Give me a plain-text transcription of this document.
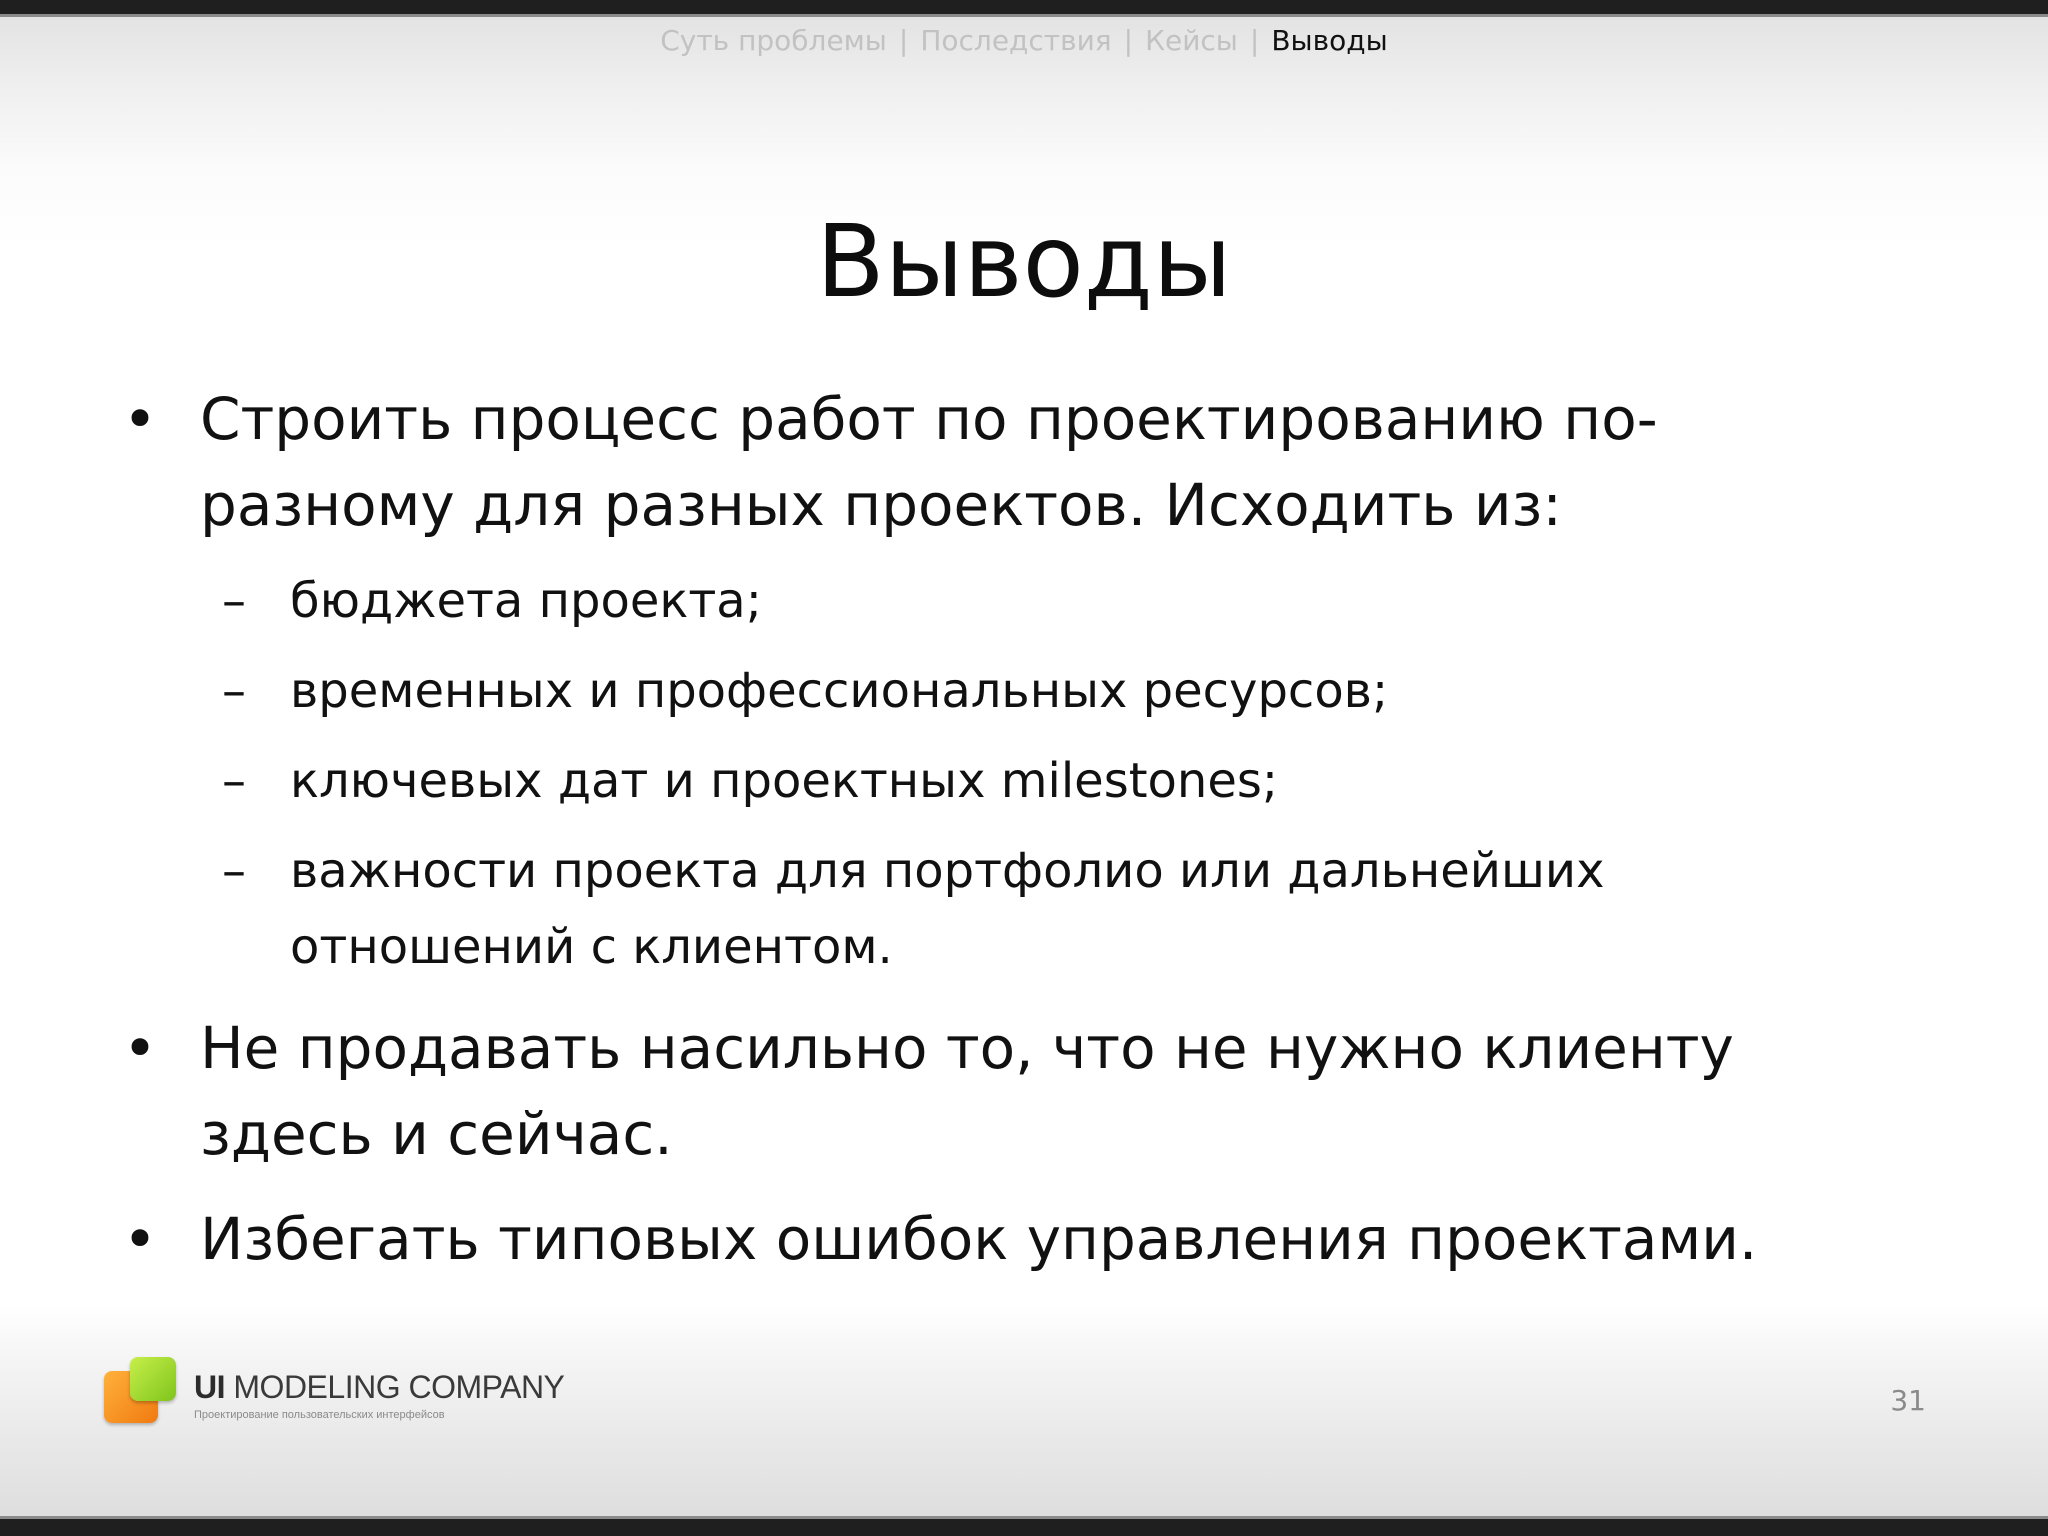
Суть проблемы | Последствия | Кейсы | Выводы
Выводы
• Строить процесс работ по проектированию по-разному для разных проектов. Исходить из:
– бюджета проекта;
– временных и профессиональных ресурсов;
– ключевых дат и проектных milestones;
– важности проекта для портфолио или дальнейших отношений с клиентом.
• Не продавать насильно то, что не нужно клиенту здесь и сейчас.
• Избегать типовых ошибок управления проектами.
UI MODELING COMPANY
Проектирование пользовательских интерфейсов	31
